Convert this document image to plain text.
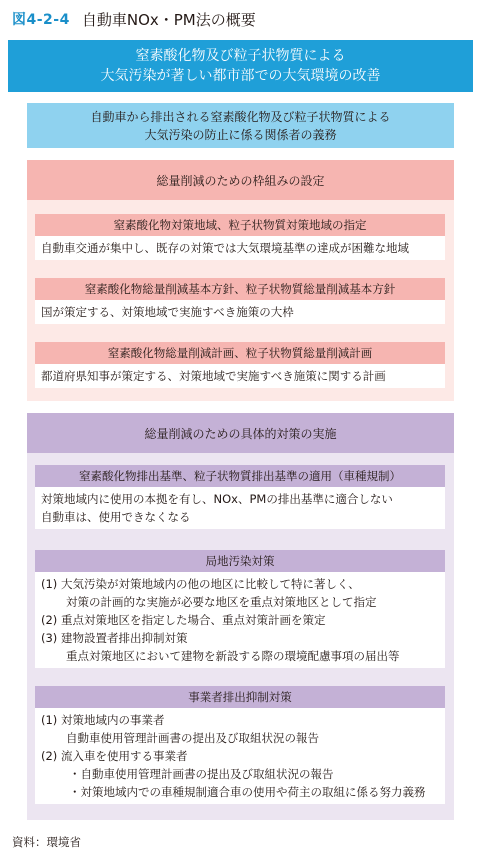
図4-2-4 自動車NOx・PM法の概要
窒素酸化物及び粒子状物質による
大気汚染が著しい都市部での大気環境の改善
自動車から排出される窒素酸化物及び粒子状物質による
大気汚染の防止に係る関係者の義務
総量削減のための枠組みの設定
窒素酸化物対策地域、粒子状物質対策地域の指定
自動車交通が集中し、既存の対策では大気環境基準の達成が困難な地域
窒素酸化物総量削減基本方針、粒子状物質総量削減基本方針
国が策定する、対策地域で実施すべき施策の大枠
窒素酸化物総量削減計画、粒子状物質総量削減計画
都道府県知事が策定する、対策地域で実施すべき施策に関する計画
総量削減のための具体的対策の実施
窒素酸化物排出基準、粒子状物質排出基準の適用（車種規制）
対策地域内に使用の本拠を有し、NOx、PMの排出基準に適合しない
自動車は、使用できなくなる
局地汚染対策
(1) 大気汚染が対策地域内の他の地区に比較して特に著しく、
対策の計画的な実施が必要な地区を重点対策地区として指定
(2) 重点対策地区を指定した場合、重点対策計画を策定
(3) 建物設置者排出抑制対策
重点対策地区において建物を新設する際の環境配慮事項の届出等
事業者排出抑制対策
(1) 対策地域内の事業者
自動車使用管理計画書の提出及び取組状況の報告
(2) 流入車を使用する事業者
・自動車使用管理計画書の提出及び取組状況の報告
・対策地域内での車種規制適合車の使用や荷主の取組に係る努力義務
資料：環境省
